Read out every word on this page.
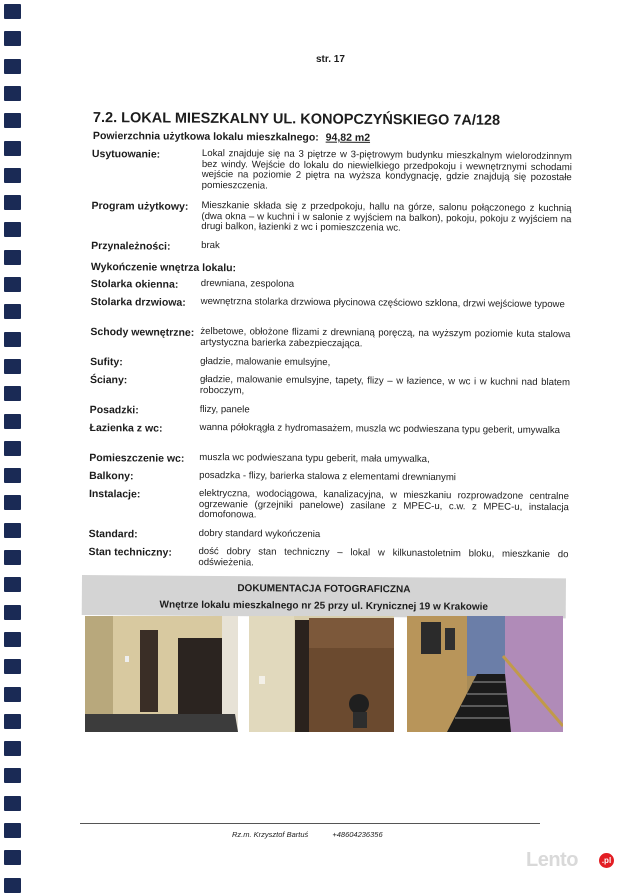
str. 17
7.2. LOKAL MIESZKALNY UL. KONOPCZYŃSKIEGO 7A/128
Powierzchnia użytkowa lokalu mieszkalnego: 94,82 m2
Usytuowanie:	Lokal znajduje się na 3 piętrze w 3-piętrowym budynku mieszkalnym wielorodzinnym bez windy. Wejście do lokalu do niewielkiego przedpokoju i wewnętrznymi schodami wejście na poziomie 2 piętra na wyższa kondygnację, gdzie znajdują się pozostałe pomieszczenia.
Program użytkowy:	Mieszkanie składa się z przedpokoju, hallu na górze, salonu połączonego z kuchnią (dwa okna – w kuchni i w salonie z wyjściem na balkon), pokoju, pokoju z wyjściem na drugi balkon, łazienki z wc i pomieszczenia wc.
Przynależności:	brak
Wykończenie wnętrza lokalu:
Stolarka okienna:	drewniana, zespolona
Stolarka drzwiowa:	wewnętrzna stolarka drzwiowa płycinowa częściowo szklona, drzwi wejściowe typowe
Schody wewnętrzne: żelbetowe, obłożone flizami z drewnianą poręczą, na wyższym poziomie kuta stalowa artystyczna barierka zabezpieczająca.
Sufity:	gładzie, malowanie emulsyjne,
Ściany:	gładzie, malowanie emulsyjne, tapety, flizy – w łazience, w wc i w kuchni nad blatem roboczym,
Posadzki:	flizy, panele
Łazienka z wc:	wanna półokrągła z hydromasażem, muszla wc podwieszana typu geberit, umywalka
Pomieszczenie wc:	muszla wc podwieszana typu geberit, mała umywalka,
Balkony:	posadzka - flizy, barierka stalowa z elementami drewnianymi
Instalacje:	elektryczna, wodociągowa, kanalizacyjna, w mieszkaniu rozprowadzone centralne ogrzewanie (grzejniki panelowe) zasilane z MPEC-u, c.w. z MPEC-u, instalacja domofonowa.
Standard:	dobry standard wykończenia
Stan techniczny:	dość dobry stan techniczny – lokal w kilkunastoletnim bloku, mieszkanie do odświeżenia.
DOKUMENTACJA FOTOGRAFICZNA
Wnętrze lokalu mieszkalnego nr 25 przy ul. Krynicznej 19 w Krakowie
Rz.m. Krzysztof Bartuś	+48604236356
Lento	.pl
